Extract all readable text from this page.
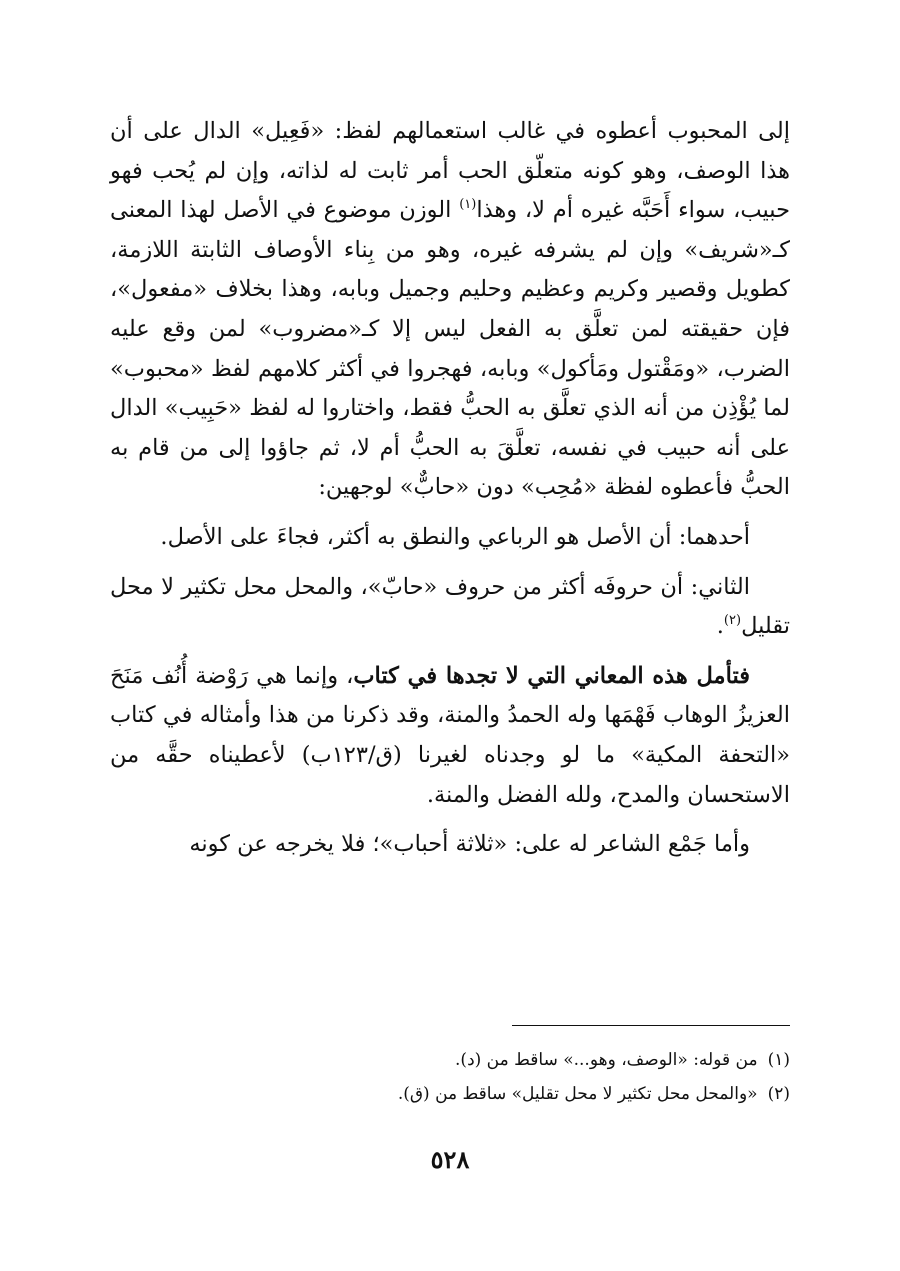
إلى المحبوب أعطوه في غالب استعمالهم لفظ: «فَعِيل» الدال على أن هذا الوصف، وهو كونه متعلّق الحب أمر ثابت له لذاته، وإن لم يُحب فهو حبيب، سواء أَحَبَّه غيره أم لا، وهذا$^{(١)}$ الوزن موضوع في الأصل لهذا المعنى كـ«شريف» وإن لم يشرفه غيره، وهو من بِناء الأوصاف الثابتة اللازمة، كطويل وقصير وكريم وعظيم وحليم وجميل وبابه، وهذا بخلاف «مفعول»، فإن حقيقته لمن تعلَّق به الفعل ليس إلا كـ«مضروب» لمن وقع عليه الضرب، «ومَقْتول ومَأكول» وبابه، فهجروا في أكثر كلامهم لفظ «محبوب» لما يُؤْذِن من أنه الذي تعلَّق به الحبُّ فقط، واختاروا له لفظ «حَبِيب» الدال على أنه حبيب في نفسه، تعلَّقَ به الحبُّ أم لا، ثم جاؤوا إلى من قام به الحبُّ فأعطوه لفظة «مُحِب» دون «حابٌّ» لوجهين:

أحدهما: أن الأصل هو الرباعي والنطق به أكثر، فجاءَ على الأصل.

الثاني: أن حروفَه أكثر من حروف «حابّ»، والمحل محل تكثير لا محل تقليل$^{(٢)}$.

فتأمل هذه المعاني التي لا تجدها في كتاب، وإنما هي رَوْضة أُنُف مَنَحَ العزيزُ الوهاب فَهْمَها وله الحمدُ والمنة، وقد ذكرنا من هذا وأمثاله في كتاب «التحفة المكية» ما لو وجدناه لغيرنا (ق/١٢٣ب) لأعطيناه حقَّه من الاستحسان والمدح، ولله الفضل والمنة.

وأما جَمْع الشاعر له على: «ثلاثة أحباب»؛ فلا يخرجه عن كونه

(١)من قوله: «الوصف، وهو...» ساقط من (د).
(٢)«والمحل محل تكثير لا محل تقليل» ساقط من (ق).
٥٢٨
